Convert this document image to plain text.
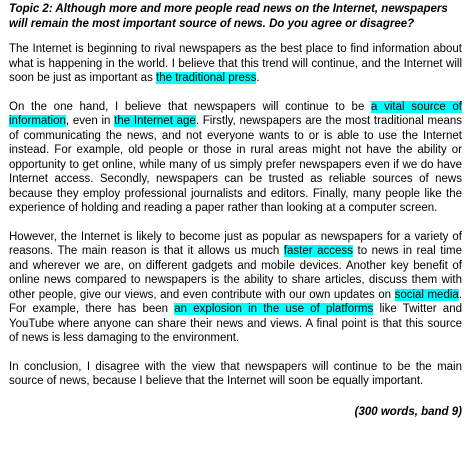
Topic 2: Although more and more people read news on the Internet, newspapers will remain the most important source of news. Do you agree or disagree?

The Internet is beginning to rival newspapers as the best place to find information about what is happening in the world. I believe that this trend will continue, and the Internet will soon be just as important as the traditional press.

On the one hand, I believe that newspapers will continue to be a vital source of information, even in the Internet age. Firstly, newspapers are the most traditional means of communicating the news, and not everyone wants to or is able to use the Internet instead. For example, old people or those in rural areas might not have the ability or opportunity to get online, while many of us simply prefer newspapers even if we do have Internet access. Secondly, newspapers can be trusted as reliable sources of news because they employ professional journalists and editors. Finally, many people like the experience of holding and reading a paper rather than looking at a computer screen.

However, the Internet is likely to become just as popular as newspapers for a variety of reasons. The main reason is that it allows us much faster access to news in real time and wherever we are, on different gadgets and mobile devices. Another key benefit of online news compared to newspapers is the ability to share articles, discuss them with other people, give our views, and even contribute with our own updates on social media. For example, there has been an explosion in the use of platforms like Twitter and YouTube where anyone can share their news and views. A final point is that this source of news is less damaging to the environment.

In conclusion, I disagree with the view that newspapers will continue to be the main source of news, because I believe that the Internet will soon be equally important.

(300 words, band 9)
